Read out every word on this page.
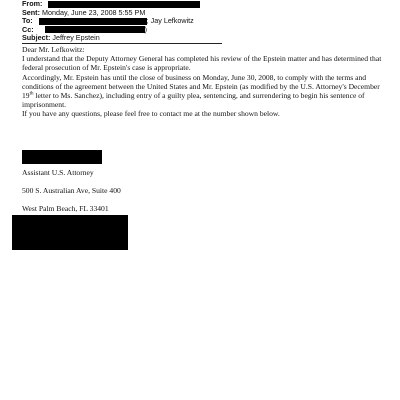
From:
Sent: Monday, June 23, 2008 5:55 PM
To:	; Jay Lefkowitz
Cc:	)
Subject: Jeffrey Epstein

Dear Mr. Lefkowitz:

I understand that the Deputy Attorney General has completed his review of the Epstein matter and has determined that federal prosecution of Mr. Epstein's case is appropriate.

Accordingly, Mr. Epstein has until the close of business on Monday, June 30, 2008, to comply with the terms and conditions of the agreement between the United States and Mr. Epstein (as modified by the U.S. Attorney's December 19th letter to Ms. Sanchez), including entry of a guilty plea, sentencing, and surrendering to begin his sentence of imprisonment.

If you have any questions, please feel free to contact me at the number shown below.

Assistant U.S. Attorney

500 S. Australian Ave, Suite 400

West Palm Beach, FL 33401
